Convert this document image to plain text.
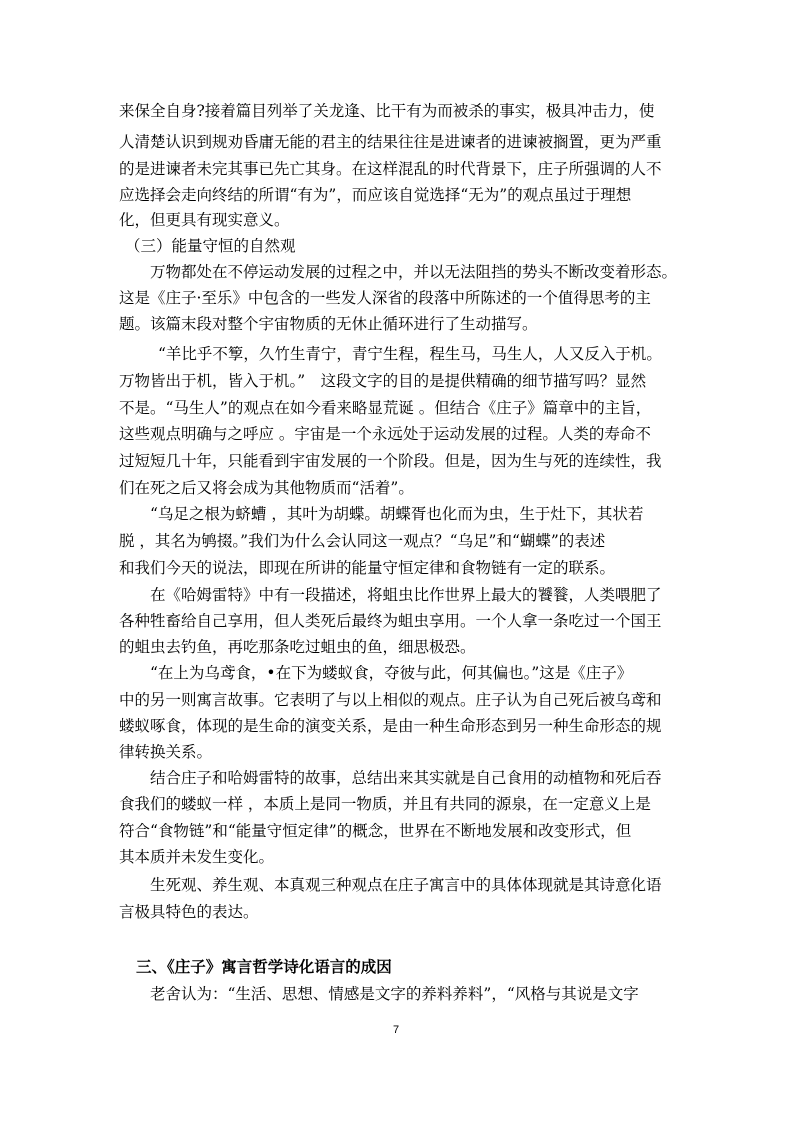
来保全自身?接着篇目列举了关龙逢、比干有为而被杀的事实，极具冲击力，使
人清楚认识到规劝昏庸无能的君主的结果往往是进谏者的进谏被搁置，更为严重
的是进谏者未完其事已先亡其身。在这样混乱的时代背景下，庄子所强调的人不
应选择会走向终结的所谓“有为”，而应该自觉选择“无为”的观点虽过于理想
化，但更具有现实意义。
（三）能量守恒的自然观
万物都处在不停运动发展的过程之中，并以无法阻挡的势头不断改变着形态。
这是《庄子·至乐》中包含的一些发人深省的段落中所陈述的一个值得思考的主
题。该篇末段对整个宇宙物质的无休止循环进行了生动描写。
“羊比乎不箰，久竹生青宁，青宁生程，程生马，马生人，人又反入于机。
万物皆出于机，皆入于机。”　这段文字的目的是提供精确的细节描写吗？显然
不是。“马生人”的观点在如今看来略显荒诞 。但结合《庄子》篇章中的主旨，
这些观点明确与之呼应 。宇宙是一个永远处于运动发展的过程。人类的寿命不
过短短几十年，只能看到宇宙发展的一个阶段。但是，因为生与死的连续性，我
们在死之后又将会成为其他物质而“活着”。
“乌足之根为蛴螬 ，其叶为胡蝶。胡蝶胥也化而为虫，生于灶下，其状若
脱 ，其名为鸲掇。”我们为什么会认同这一观点？“乌足”和“蝴蝶”的表述
和我们今天的说法，即现在所讲的能量守恒定律和食物链有一定的联系。
在《哈姆雷特》中有一段描述，将蛆虫比作世界上最大的饕餮，人类喂肥了
各种牲畜给自己享用，但人类死后最终为蛆虫享用。一个人拿一条吃过一个国王
的蛆虫去钓鱼，再吃那条吃过蛆虫的鱼，细思极恐。
“在上为乌鸢食，•在下为蝼蚁食，夺彼与此，何其偏也。”这是《庄子》
中的另一则寓言故事。它表明了与以上相似的观点。庄子认为自己死后被乌鸢和
蝼蚁啄食，体现的是生命的演变关系，是由一种生命形态到另一种生命形态的规
律转换关系。
结合庄子和哈姆雷特的故事，总结出来其实就是自己食用的动植物和死后吞
食我们的蝼蚁一样 ，本质上是同一物质，并且有共同的源泉，在一定意义上是
符合“食物链”和“能量守恒定律”的概念，世界在不断地发展和改变形式，但
其本质并未发生变化。
生死观、养生观、本真观三种观点在庄子寓言中的具体体现就是其诗意化语
言极具特色的表达。
三、《庄子》寓言哲学诗化语言的成因
老舍认为：“生活、思想、情感是文字的养料养料”，“风格与其说是文字
7
